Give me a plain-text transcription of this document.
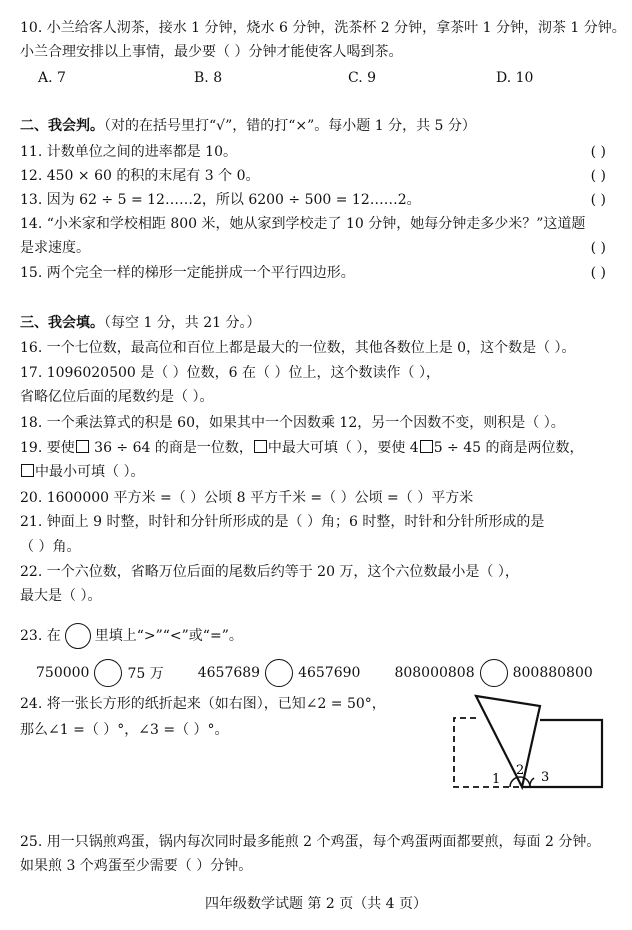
10. 小兰给客人沏茶，接水 1 分钟，烧水 6 分钟，洗茶杯 2 分钟，拿茶叶 1 分钟，沏茶 1 分钟。
小兰合理安排以上事情，最少要（ ）分钟才能使客人喝到茶。
A. 7	B. 8	C. 9	D. 10
二、我会判。（对的在括号里打“√”，错的打“×”。每小题 1 分，共 5 分）
11. 计数单位之间的进率都是 10。	( )
12. 450 × 60 的积的末尾有 3 个 0。	( )
13. 因为 62 ÷ 5 = 12……2，所以 6200 ÷ 500 = 12……2。	( )
14. “小米家和学校相距 800 米，她从家到学校走了 10 分钟，她每分钟走多少米？”这道题
是求速度。	( )
15. 两个完全一样的梯形一定能拼成一个平行四边形。	( )
三、我会填。（每空 1 分，共 21 分。）
16. 一个七位数，最高位和百位上都是最大的一位数，其他各数位上是 0，这个数是（ ）。
17. 1096020500 是（ ）位数，6 在（ ）位上，这个数读作（ ），
省略亿位后面的尾数约是（ ）。
18. 一个乘法算式的积是 60，如果其中一个因数乘 12，另一个因数不变，则积是（ ）。
19. 要使 36 ÷ 64 的商是一位数， 中最大可填（ ），要使 4 5 ÷ 45 的商是两位数，
中最小可填（ ）。
20. 1600000 平方米 =（ ）公顷 8 平方千米 =（ ）公顷 =（ ）平方米
21. 钟面上 9 时整，时针和分针所形成的是（ ）角；6 时整，时针和分针所形成的是
（ ）角。
22. 一个六位数，省略万位后面的尾数后约等于 20 万，这个六位数最小是（ ），
最大是（ ）。
23. 在 里填上“>”“<”或“=”。
750000	75 万 4657689	4657690 808000808	800880800
24. 将一张长方形的纸折起来（如右图），已知∠2 = 50°，
那么∠1 =（ ）°，∠3 =（ ）°。
1
2 3
25. 用一只锅煎鸡蛋，锅内每次同时最多能煎 2 个鸡蛋，每个鸡蛋两面都要煎，每面 2 分钟。
如果煎 3 个鸡蛋至少需要（ ）分钟。
四年级数学试题 第 2 页（共 4 页）
